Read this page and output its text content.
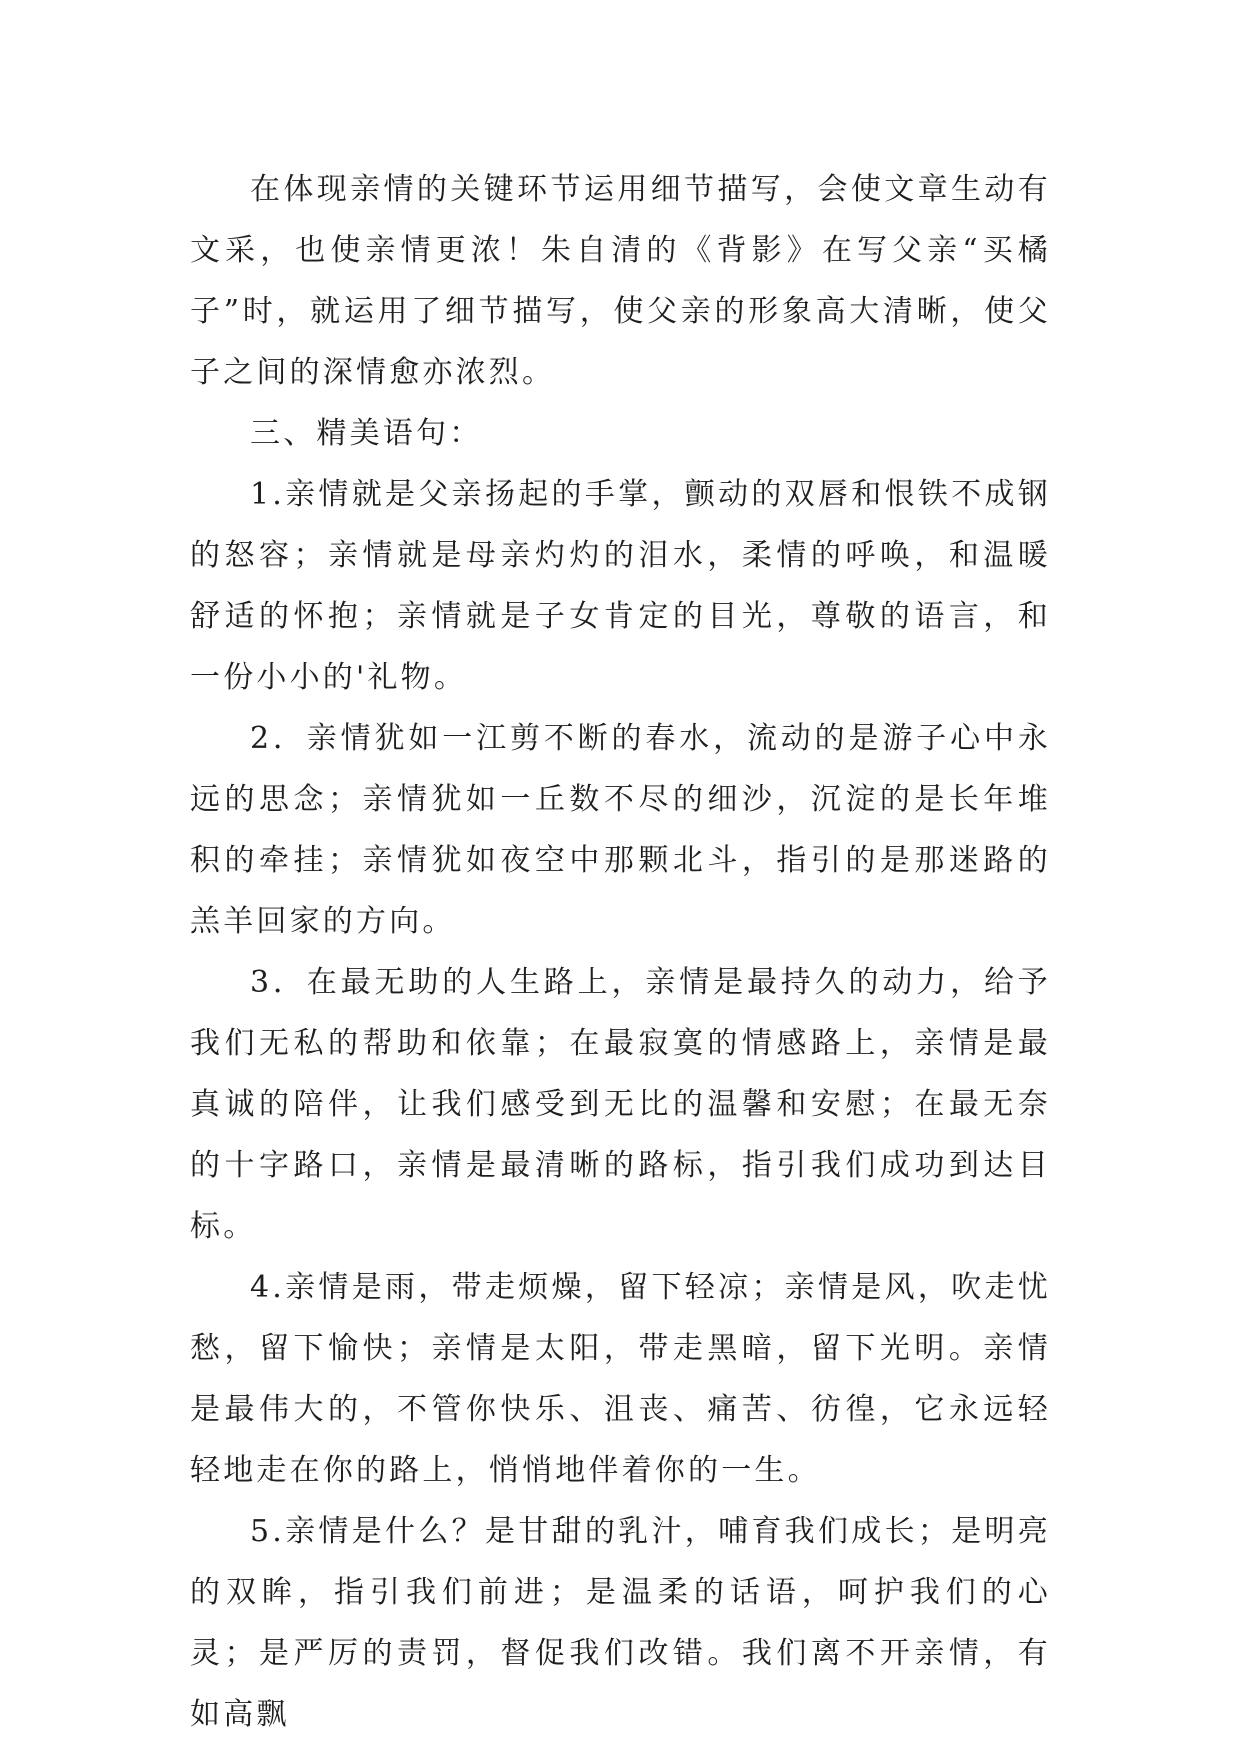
在体现亲情的关键环节运用细节描写，会使文章生动有文采，也使亲情更浓！朱自清的《背影》在写父亲“买橘子”时，就运用了细节描写，使父亲的形象高大清晰，使父子之间的深情愈亦浓烈。

三、精美语句：

1.亲情就是父亲扬起的手掌，颤动的双唇和恨铁不成钢的怒容；亲情就是母亲灼灼的泪水，柔情的呼唤，和温暖舒适的怀抱；亲情就是子女肯定的目光，尊敬的语言，和一份小小的'礼物。

2．亲情犹如一江剪不断的春水，流动的是游子心中永远的思念；亲情犹如一丘数不尽的细沙，沉淀的是长年堆积的牵挂；亲情犹如夜空中那颗北斗，指引的是那迷路的羔羊回家的方向。

3．在最无助的人生路上，亲情是最持久的动力，给予我们无私的帮助和依靠；在最寂寞的情感路上，亲情是最真诚的陪伴，让我们感受到无比的温馨和安慰；在最无奈的十字路口，亲情是最清晰的路标，指引我们成功到达目标。

4.亲情是雨，带走烦燥，留下轻凉；亲情是风，吹走忧愁，留下愉快；亲情是太阳，带走黑暗，留下光明。亲情是最伟大的，不管你快乐、沮丧、痛苦、彷徨，它永远轻轻地走在你的路上，悄悄地伴着你的一生。

5.亲情是什么？是甘甜的乳汁，哺育我们成长；是明亮的双眸，指引我们前进；是温柔的话语，呵护我们的心灵；是严厉的责罚，督促我们改错。我们离不开亲情，有如高飘
